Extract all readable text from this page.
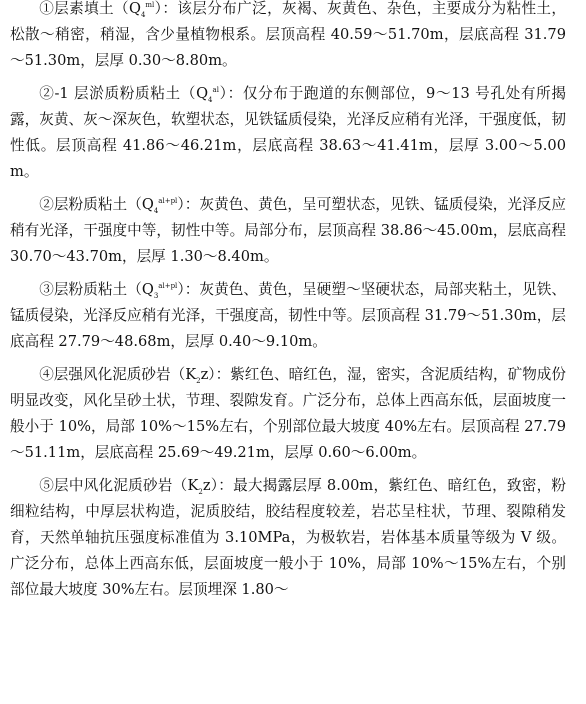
①层素填土$(Q_4^{ml})$：该层分布广泛，灰褐、灰黄色、杂色，主要成分为粘性土，松散～稍密，稍湿，含少量植物根系。层顶高程 40.59～51.70m，层底高程 31.79～51.30m，层厚 0.30～8.80m。

②-1 层淤质粉质粘土$(Q_4^{al})$：仅分布于跑道的东侧部位，9～13 号孔处有所揭露，灰黄、灰～深灰色，软塑状态，见铁锰质侵染，光泽反应稍有光泽，干强度低，韧性低。层顶高程 41.86～46.21m，层底高程 38.63～41.41m，层厚 3.00～5.00m。

②层粉质粘土$(Q_4^{al+pl})$：灰黄色、黄色，呈可塑状态，见铁、锰质侵染，光泽反应稍有光泽，干强度中等，韧性中等。局部分布，层顶高程 38.86～45.00m，层底高程 30.70～43.70m，层厚 1.30～8.40m。

③层粉质粘土$(Q_3^{al+pl})$：灰黄色、黄色，呈硬塑～坚硬状态，局部夹粘土，见铁、锰质侵染，光泽反应稍有光泽，干强度高，韧性中等。层顶高程 31.79～51.30m，层底高程 27.79～48.68m，层厚 0.40～9.10m。

④层强风化泥质砂岩$(K_2z)$：紫红色、暗红色，湿，密实，含泥质结构，矿物成份明显改变，风化呈砂土状，节理、裂隙发育。广泛分布，总体上西高东低，层面坡度一般小于 10%，局部 10%～15%左右，个别部位最大坡度 40%左右。层顶高程 27.79～51.11m，层底高程 25.69～49.21m，层厚 0.60～6.00m。

⑤层中风化泥质砂岩$(K_2z)$：最大揭露层厚 8.00m，紫红色、暗红色，致密，粉细粒结构，中厚层状构造，泥质胶结，胶结程度较差，岩芯呈柱状，节理、裂隙稍发育，天然单轴抗压强度标准值为 3.10MPa，为极软岩，岩体基本质量等级为 V 级。广泛分布，总体上西高东低，层面坡度一般小于 10%，局部 10%～15%左右，个别部位最大坡度 30%左右。层顶埋深 1.80～
